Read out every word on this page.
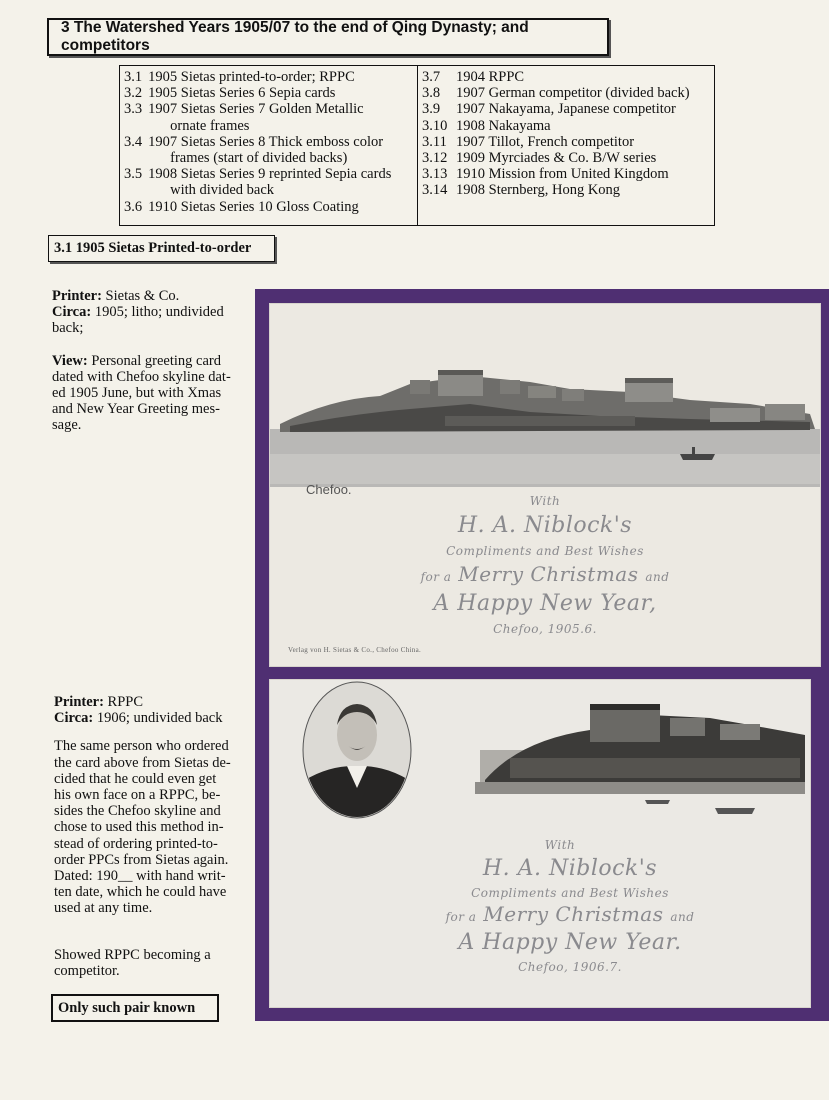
3 The Watershed Years 1905/07 to the end of Qing Dynasty; and competitors
3.1 1905 Sietas printed-to-order; RPPC
3.2 1905 Sietas Series 6 Sepia cards
3.3 1907 Sietas Series 7 Golden Metallic
ornate frames
3.4 1907 Sietas Series 8 Thick emboss color
frames (start of divided backs)
3.5 1908 Sietas Series 9 reprinted Sepia cards
with divided back
3.6 1910 Sietas Series 10 Gloss Coating
3.7	1904 RPPC
3.8	1907 German competitor (divided back)
3.9	1907 Nakayama, Japanese competitor
3.10 1908 Nakayama
3.11 1907 Tillot, French competitor
3.12 1909 Myrciades & Co. B/W series
3.13 1910 Mission from United Kingdom
3.14 1908 Sternberg, Hong Kong
3.1 1905 Sietas Printed-to-order

Printer: Sietas & Co.

Circa: 1905; litho; undivided

back;

View: Personal greeting card

dated with Chefoo skyline dat-

ed 1905 June, but with Xmas

and New Year Greeting mes-

sage.

Printer: RPPC

Circa: 1906; undivided back

The same person who ordered

the card above from Sietas de-

cided that he could even get

his own face on a RPPC, be-

sides the Chefoo skyline and

chose to used this method in-

stead of ordering printed-to-

order PPCs from Sietas again.

Dated: 190__ with hand writ-

ten date, which he could have

used at any time.

Showed RPPC becoming a

competitor.

Only such pair known
Chefoo.
With
H. A. Niblock's
Compliments and Best Wishes
for a Merry Christmas and
A Happy New Year,
Chefoo, 1905.6.
Verlag von H. Sietas & Co., Chefoo China.
With
H. A. Niblock's
Compliments and Best Wishes
for a Merry Christmas and
A Happy New Year.
Chefoo, 1906.7.
